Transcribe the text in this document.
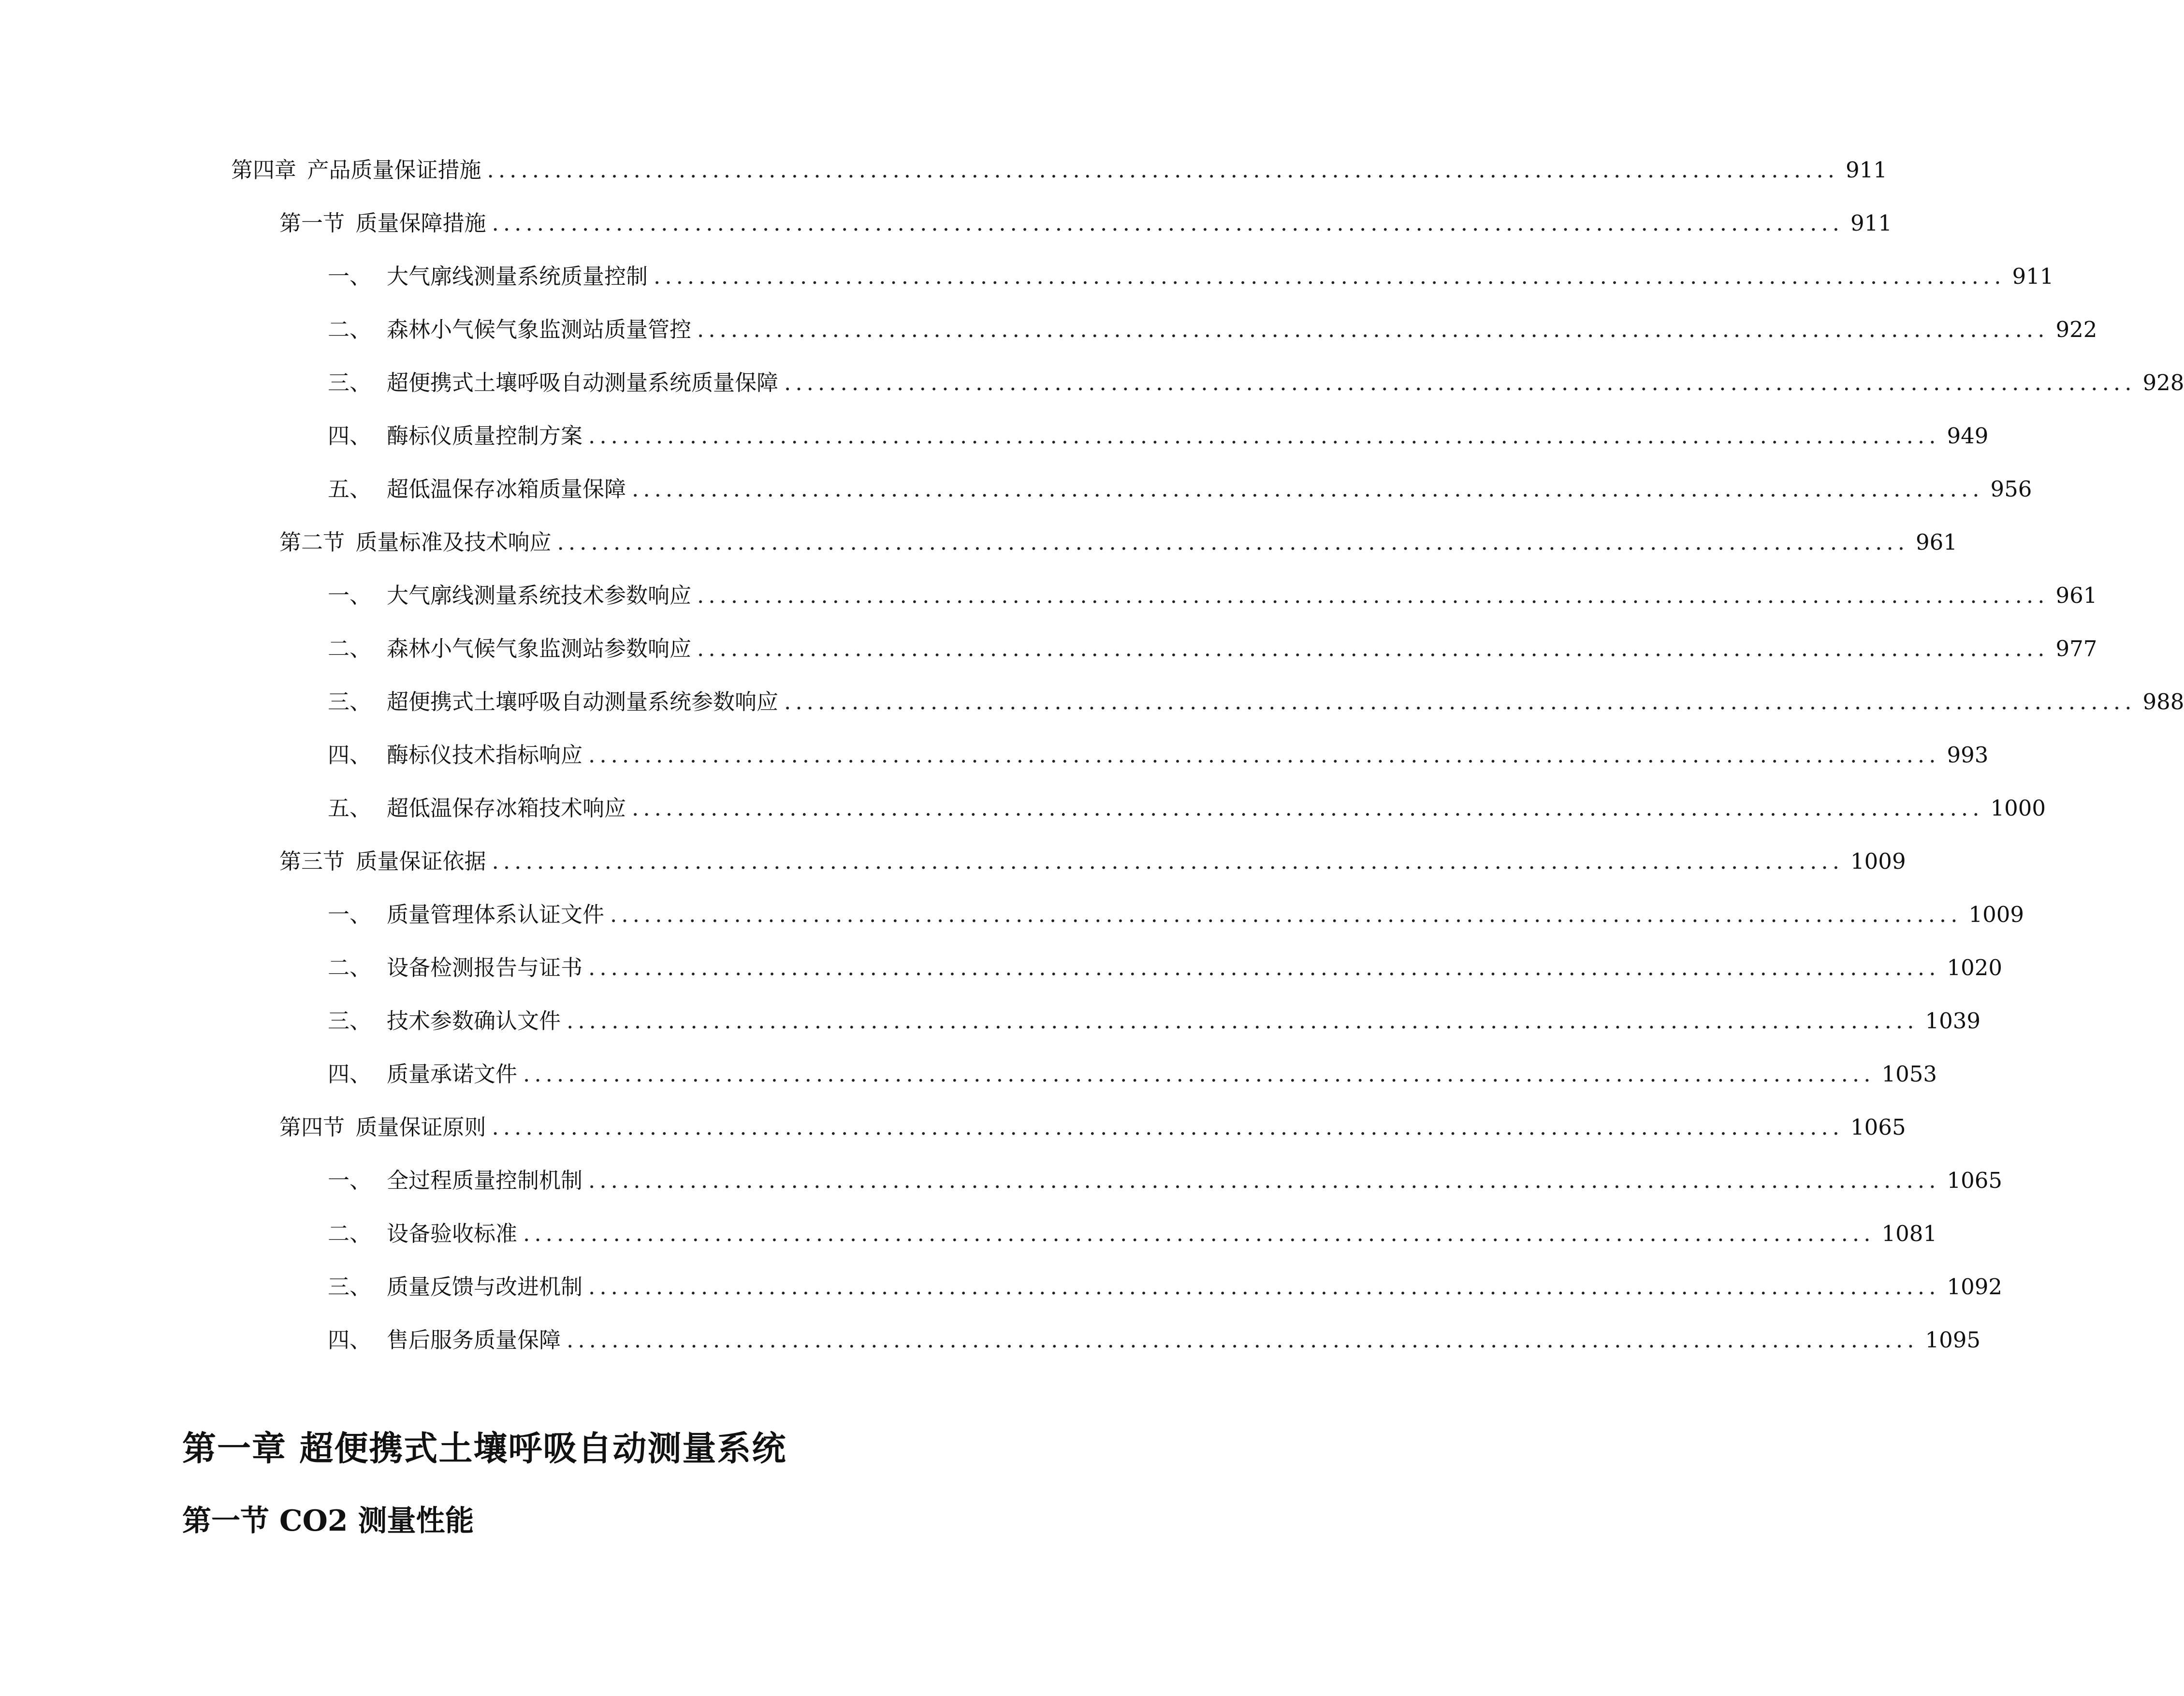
第四章  产品质量保证措施 ........................................................................................................................ 911
第一节  质量保障措施 ........................................................................................................................ 911
一、 大气廓线测量系统质量控制 ........................................................................................................................ 911
二、 森林小气候气象监测站质量管控 ........................................................................................................................ 922
三、 超便携式土壤呼吸自动测量系统质量保障 ........................................................................................................................ 928
四、 酶标仪质量控制方案 ........................................................................................................................ 949
五、 超低温保存冰箱质量保障 ........................................................................................................................ 956
第二节  质量标准及技术响应 ........................................................................................................................ 961
一、 大气廓线测量系统技术参数响应 ........................................................................................................................ 961
二、 森林小气候气象监测站参数响应 ........................................................................................................................ 977
三、 超便携式土壤呼吸自动测量系统参数响应 ........................................................................................................................ 988
四、 酶标仪技术指标响应 ........................................................................................................................ 993
五、 超低温保存冰箱技术响应 ........................................................................................................................ 1000
第三节  质量保证依据 ........................................................................................................................ 1009
一、 质量管理体系认证文件 ........................................................................................................................ 1009
二、 设备检测报告与证书 ........................................................................................................................ 1020
三、 技术参数确认文件 ........................................................................................................................ 1039
四、 质量承诺文件 ........................................................................................................................ 1053
第四节  质量保证原则 ........................................................................................................................ 1065
一、 全过程质量控制机制 ........................................................................................................................ 1065
二、 设备验收标准 ........................................................................................................................ 1081
三、 质量反馈与改进机制 ........................................................................................................................ 1092
四、 售后服务质量保障 ........................................................................................................................ 1095
第一章 超便携式土壤呼吸自动测量系统
第一节 CO2 测量性能
